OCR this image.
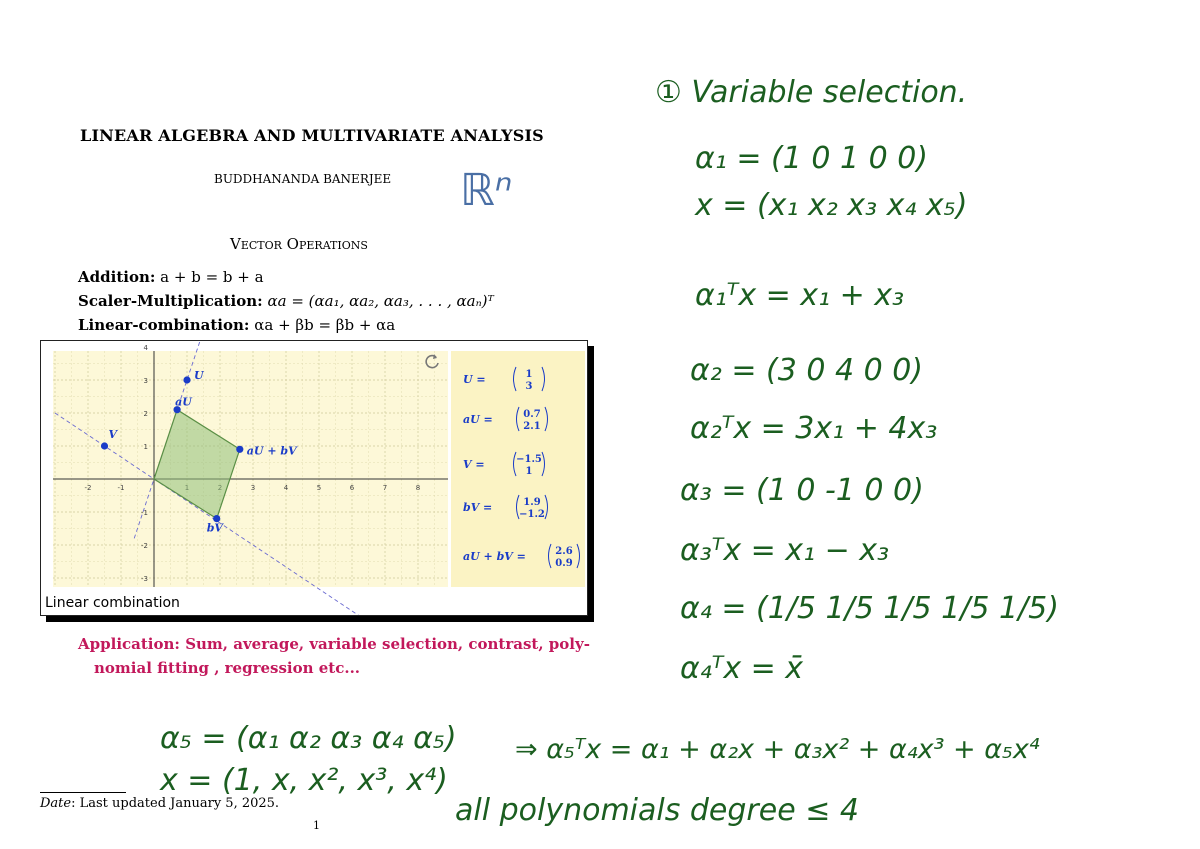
LINEAR ALGEBRA AND MULTIVARIATE ANALYSIS
BUDDHANANDA BANERJEE
Vector Operations
Addition: a + b = b + a
Scaler-Multiplication: αa = (αa₁, αa₂, αa₃, . . . , αaₙ)ᵀ
Linear-combination: αa + βb = βb + αa
-2	-1	3	4	5	6	7	8
4
3
2
1
-1
-2
-3
U
aU
V
bV
aU + bV
U =	1
3
aU =	0.7
2.1
V =	−1.5
1
bV =	1.9
−1.2
aU + bV =	2.6
0.9
Linear combination
Application: Sum, average, variable selection, contrast, poly-
nomial fitting , regression etc...
Date: Last updated January 5, 2025.
1
ℝⁿ
① Variable selection.
α₁ = (1 0 1 0 0)
x = (x₁ x₂ x₃ x₄ x₅)
α₁ᵀx = x₁ + x₃
α₂ = (3 0 4 0 0)
α₂ᵀx = 3x₁ + 4x₃
α₃ = (1 0 -1 0 0)
α₃ᵀx = x₁ − x₃
α₄ = (1/5 1/5 1/5 1/5 1/5)
α₄ᵀx = x̄
α₅ = (α₁ α₂ α₃ α₄ α₅)
x = (1, x, x², x³, x⁴)
⇒ α₅ᵀx = α₁ + α₂x + α₃x² + α₄x³ + α₅x⁴
all polynomials degree ≤ 4
